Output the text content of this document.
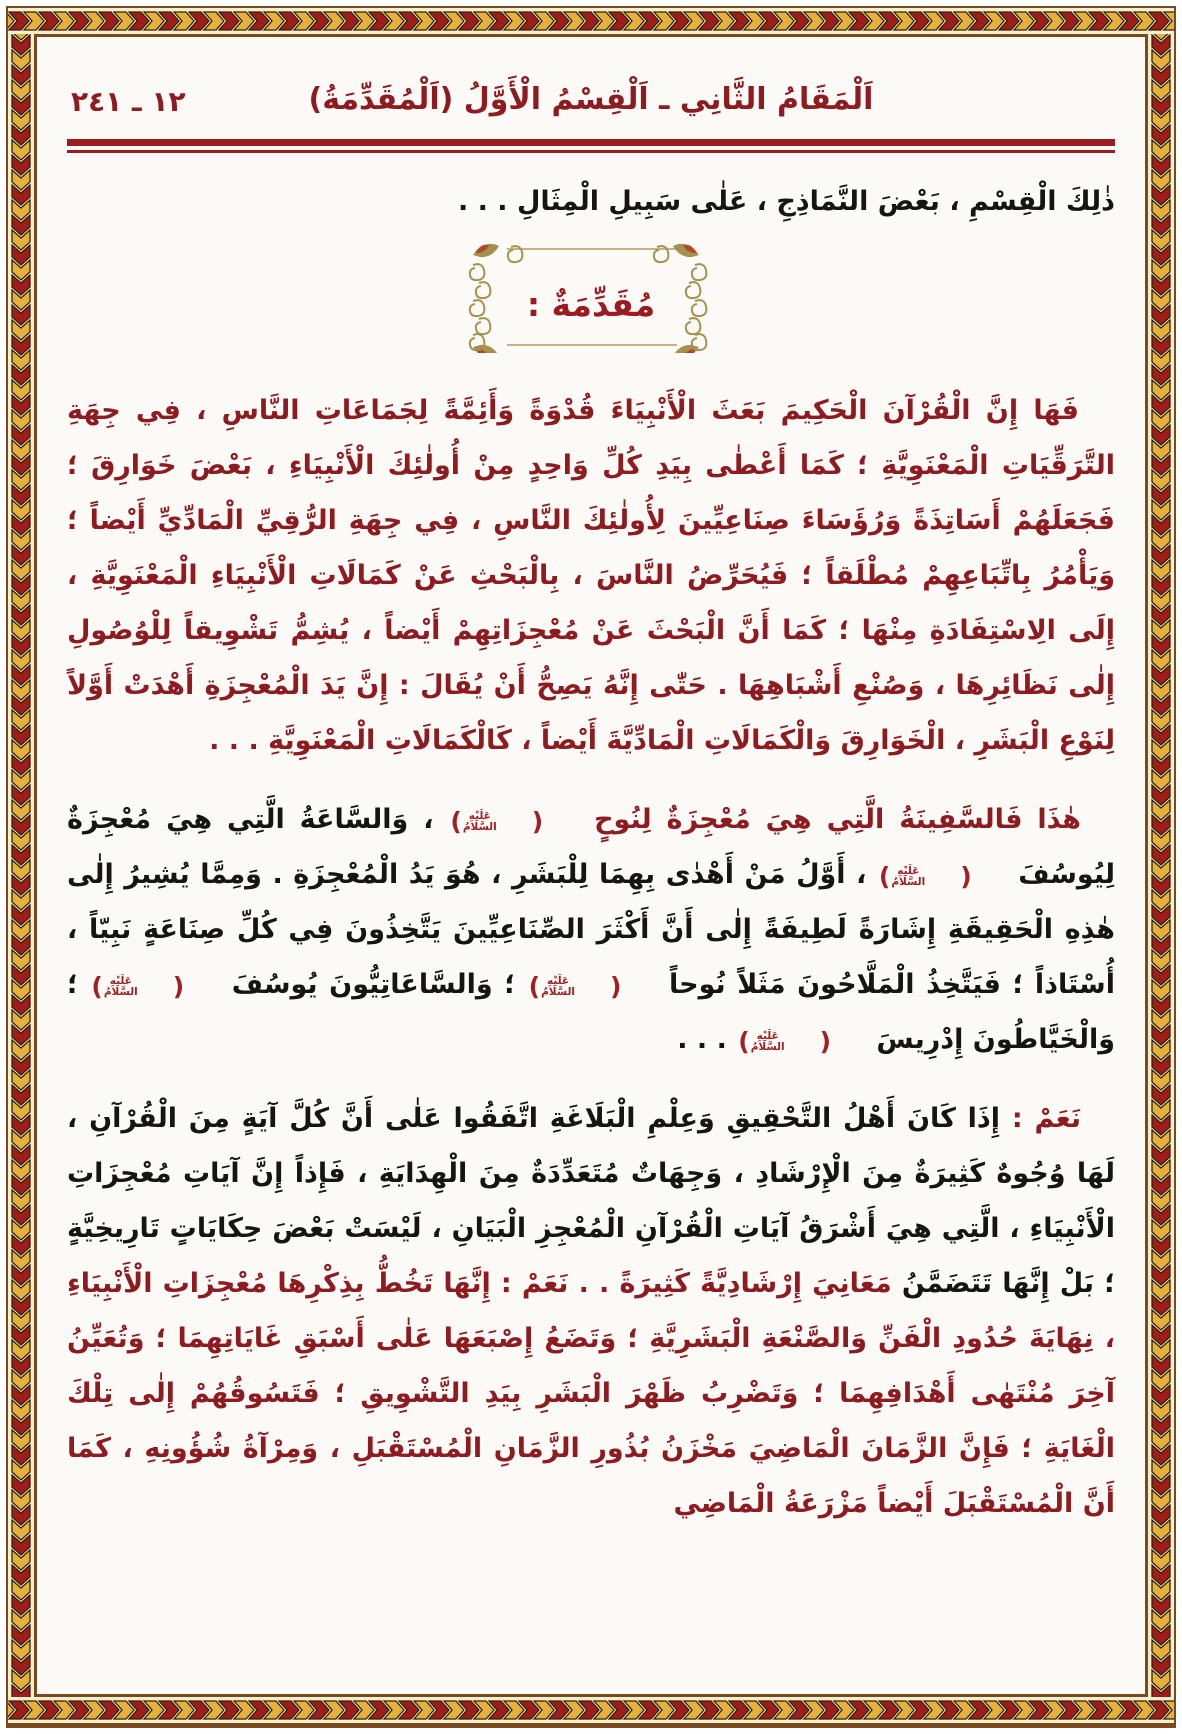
١٢ ـ ٢٤١	اَلْمَقَامُ الثَّانِي ـ اَلْقِسْمُ الْأَوَّلُ (اَلْمُقَدِّمَةُ)

ذٰلِكَ الْقِسْمِ ، بَعْضَ النَّمَاذِجِ ، عَلٰى سَبِيلِ الْمِثَالِ . . .

مُقَدِّمَةٌ :

فَهَا إِنَّ الْقُرْآنَ الْحَكِيمَ بَعَثَ الْأَنْبِيَاءَ قُدْوَةً وَأَئِمَّةً لِجَمَاعَاتِ النَّاسِ ، فِي جِهَةِ التَّرَقِّيَاتِ الْمَعْنَوِيَّةِ ؛ كَمَا أَعْطٰى بِيَدِ كُلِّ وَاحِدٍ مِنْ أُولٰئِكَ الْأَنْبِيَاءِ ، بَعْضَ خَوَارِقَ ؛ فَجَعَلَهُمْ أَسَاتِذَةً وَرُؤَسَاءَ صِنَاعِيِّينَ لِأُولٰئِكَ النَّاسِ ، فِي جِهَةِ الرُّقِيِّ الْمَادِّيِّ أَيْضاً ؛ وَيَأْمُرُ بِاتِّبَاعِهِمْ مُطْلَقاً ؛ فَيُحَرِّضُ النَّاسَ ، بِالْبَحْثِ عَنْ كَمَالَاتِ الْأَنْبِيَاءِ الْمَعْنَوِيَّةِ ، إِلَى الِاسْتِفَادَةِ مِنْهَا ؛ كَمَا أَنَّ الْبَحْثَ عَنْ مُعْجِزَاتِهِمْ أَيْضاً ، يُشِمُّ تَشْوِيقاً لِلْوُصُولِ إِلٰى نَظَائِرِهَا ، وَصُنْعِ أَشْبَاهِهَا . حَتّٰى إِنَّهُ يَصِحُّ أَنْ يُقَالَ : إِنَّ يَدَ الْمُعْجِزَةِ أَهْدَتْ أَوَّلاً لِنَوْعِ الْبَشَرِ ، الْخَوَارِقَ وَالْكَمَالَاتِ الْمَادِّيَّةَ أَيْضاً ، كَالْكَمَالَاتِ الْمَعْنَوِيَّةِ . . .

هٰذَا فَالسَّفِينَةُ الَّتِي هِيَ مُعْجِزَةٌ لِنُوحٍ (
عَلَيْهِ
السَّلَامُ
) ، وَالسَّاعَةُ الَّتِي هِيَ مُعْجِزَةٌ لِيُوسُفَ (
عَلَيْهِ
السَّلَامُ
) ، أَوَّلُ مَنْ أَهْدٰى بِهِمَا لِلْبَشَرِ ، هُوَ يَدُ الْمُعْجِزَةِ . وَمِمَّا يُشِيرُ إِلٰى هٰذِهِ الْحَقِيقَةِ إِشَارَةً لَطِيفَةً إِلٰى أَنَّ أَكْثَرَ الصِّنَاعِيِّينَ يَتَّخِذُونَ فِي كُلِّ صِنَاعَةٍ نَبِيّاً ، أُسْتَاذاً ؛ فَيَتَّخِذُ الْمَلَّاحُونَ مَثَلاً نُوحاً (
عَلَيْهِ
السَّلَامُ
) ؛ وَالسَّاعَاتِيُّونَ يُوسُفَ (
عَلَيْهِ
السَّلَامُ
) ؛ وَالْخَيَّاطُونَ إِدْرِيسَ (
عَلَيْهِ
السَّلَامُ
) . . .

نَعَمْ : إِذَا كَانَ أَهْلُ التَّحْقِيقِ وَعِلْمِ الْبَلَاغَةِ اتَّفَقُوا عَلٰى أَنَّ كُلَّ آيَةٍ مِنَ الْقُرْآنِ ، لَهَا وُجُوهٌ كَثِيرَةٌ مِنَ الْإِرْشَادِ ، وَجِهَاتٌ مُتَعَدِّدَةٌ مِنَ الْهِدَايَةِ ، فَإِذاً إِنَّ آيَاتِ مُعْجِزَاتِ الْأَنْبِيَاءِ ، الَّتِي هِيَ أَشْرَقُ آيَاتِ الْقُرْآنِ الْمُعْجِزِ الْبَيَانِ ، لَيْسَتْ بَعْضَ حِكَايَاتٍ تَارِيخِيَّةٍ ؛ بَلْ إِنَّهَا تَتَضَمَّنُ مَعَانِيَ إِرْشَادِيَّةً كَثِيرَةً . . نَعَمْ : إِنَّهَا تَخُطُّ بِذِكْرِهَا مُعْجِزَاتِ الْأَنْبِيَاءِ ، نِهَايَةَ حُدُودِ الْفَنِّ وَالصَّنْعَةِ الْبَشَرِيَّةِ ؛ وَتَضَعُ إِصْبَعَهَا عَلٰى أَسْبَقِ غَايَاتِهِمَا ؛ وَتُعَيِّنُ آخِرَ مُنْتَهٰى أَهْدَافِهِمَا ؛ وَتَضْرِبُ ظَهْرَ الْبَشَرِ بِيَدِ التَّشْوِيقِ ؛ فَتَسُوقُهُمْ إِلٰى تِلْكَ الْغَايَةِ ؛ فَإِنَّ الزَّمَانَ الْمَاضِيَ مَخْزَنُ بُذُورِ الزَّمَانِ الْمُسْتَقْبَلِ ، وَمِرْآةُ شُؤُونِهِ ، كَمَا أَنَّ الْمُسْتَقْبَلَ أَيْضاً مَزْرَعَةُ الْمَاضِي
